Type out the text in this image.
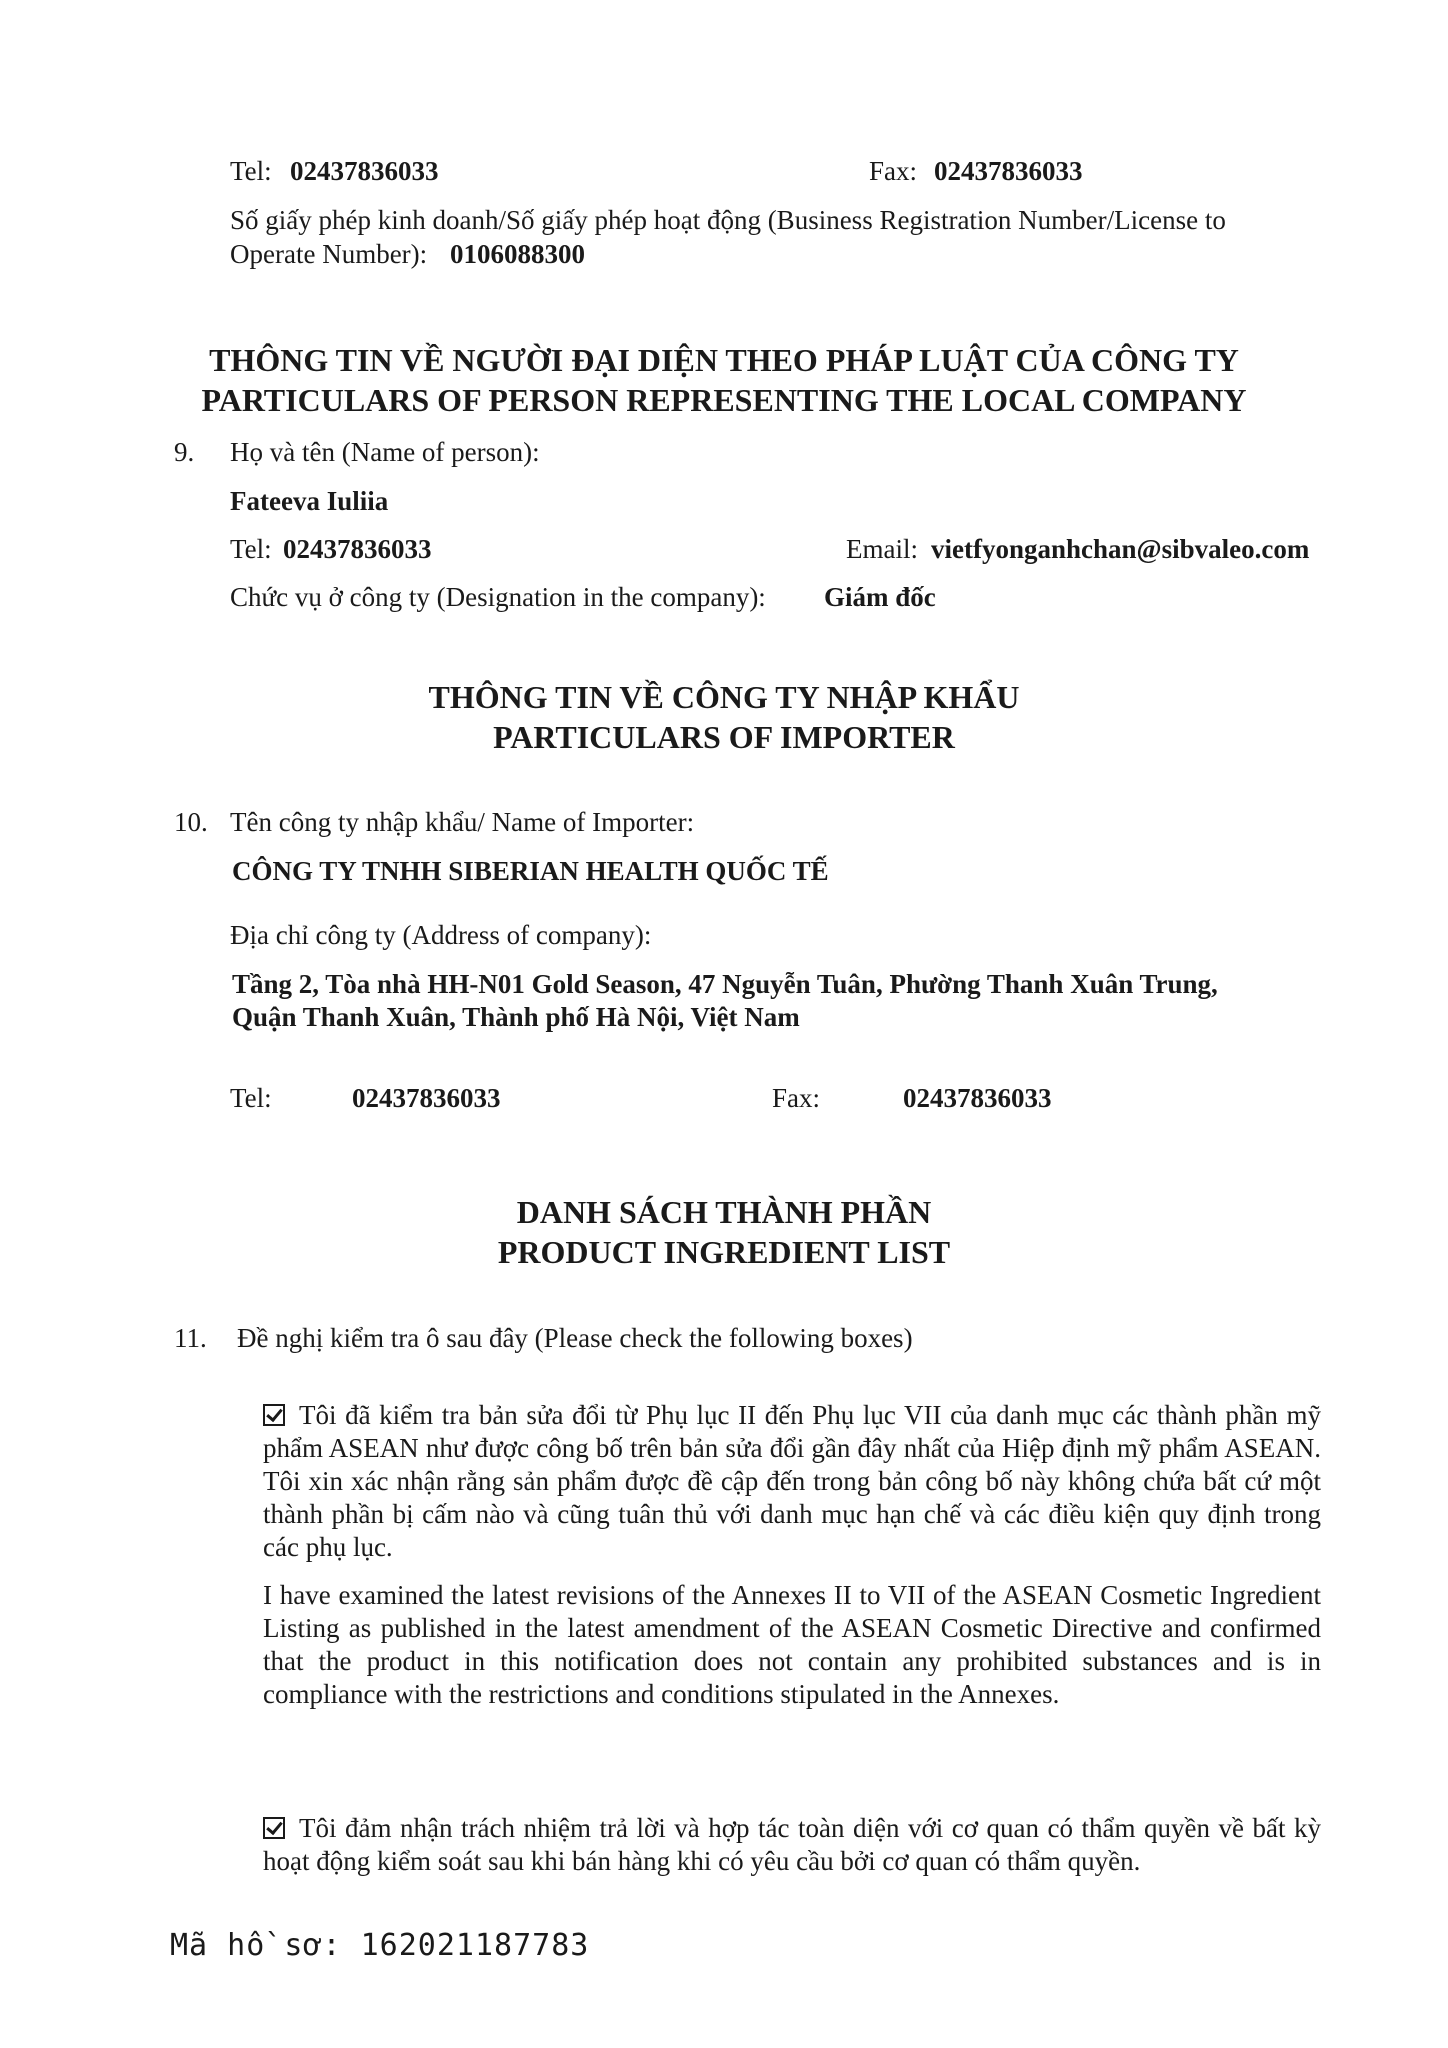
Tel: 02437836033	Fax: 02437836033
Số giấy phép kinh doanh/Số giấy phép hoạt động (Business Registration Number/License to
Operate Number): 0106088300
THÔNG TIN VỀ NGƯỜI ĐẠI DIỆN THEO PHÁP LUẬT CỦA CÔNG TY
PARTICULARS OF PERSON REPRESENTING THE LOCAL COMPANY
9. Họ và tên (Name of person):
Fateeva Iuliia
Tel: 02437836033	Email: vietfyonganhchan@sibvaleo.com
Chức vụ ở công ty (Designation in the company): Giám đốc
THÔNG TIN VỀ CÔNG TY NHẬP KHẨU
PARTICULARS OF IMPORTER
10. Tên công ty nhập khẩu/ Name of Importer:
CÔNG TY TNHH SIBERIAN HEALTH QUỐC TẾ
Địa chỉ công ty (Address of company):
Tầng 2, Tòa nhà HH-N01 Gold Season, 47 Nguyễn Tuân, Phường Thanh Xuân Trung,
Quận Thanh Xuân, Thành phố Hà Nội, Việt Nam
Tel:	02437836033	Fax:	02437836033
DANH SÁCH THÀNH PHẦN
PRODUCT INGREDIENT LIST
11. Đề nghị kiểm tra ô sau đây (Please check the following boxes)
Tôi đã kiểm tra bản sửa đổi từ Phụ lục II đến Phụ lục VII của danh mục các thành phần mỹ phẩm ASEAN như được công bố trên bản sửa đổi gần đây nhất của Hiệp định mỹ phẩm ASEAN. Tôi xin xác nhận rằng sản phẩm được đề cập đến trong bản công bố này không chứa bất cứ một thành phần bị cấm nào và cũng tuân thủ với danh mục hạn chế và các điều kiện quy định trong các phụ lục.
I have examined the latest revisions of the Annexes II to VII of the ASEAN Cosmetic Ingredient Listing as published in the latest amendment of the ASEAN Cosmetic Directive and confirmed that the product in this notification does not contain any prohibited substances and is in compliance with the restrictions and conditions stipulated in the Annexes.
Tôi đảm nhận trách nhiệm trả lời và hợp tác toàn diện với cơ quan có thẩm quyền về bất kỳ hoạt động kiểm soát sau khi bán hàng khi có yêu cầu bởi cơ quan có thẩm quyền.
Mã hồ sơ: 162021187783
